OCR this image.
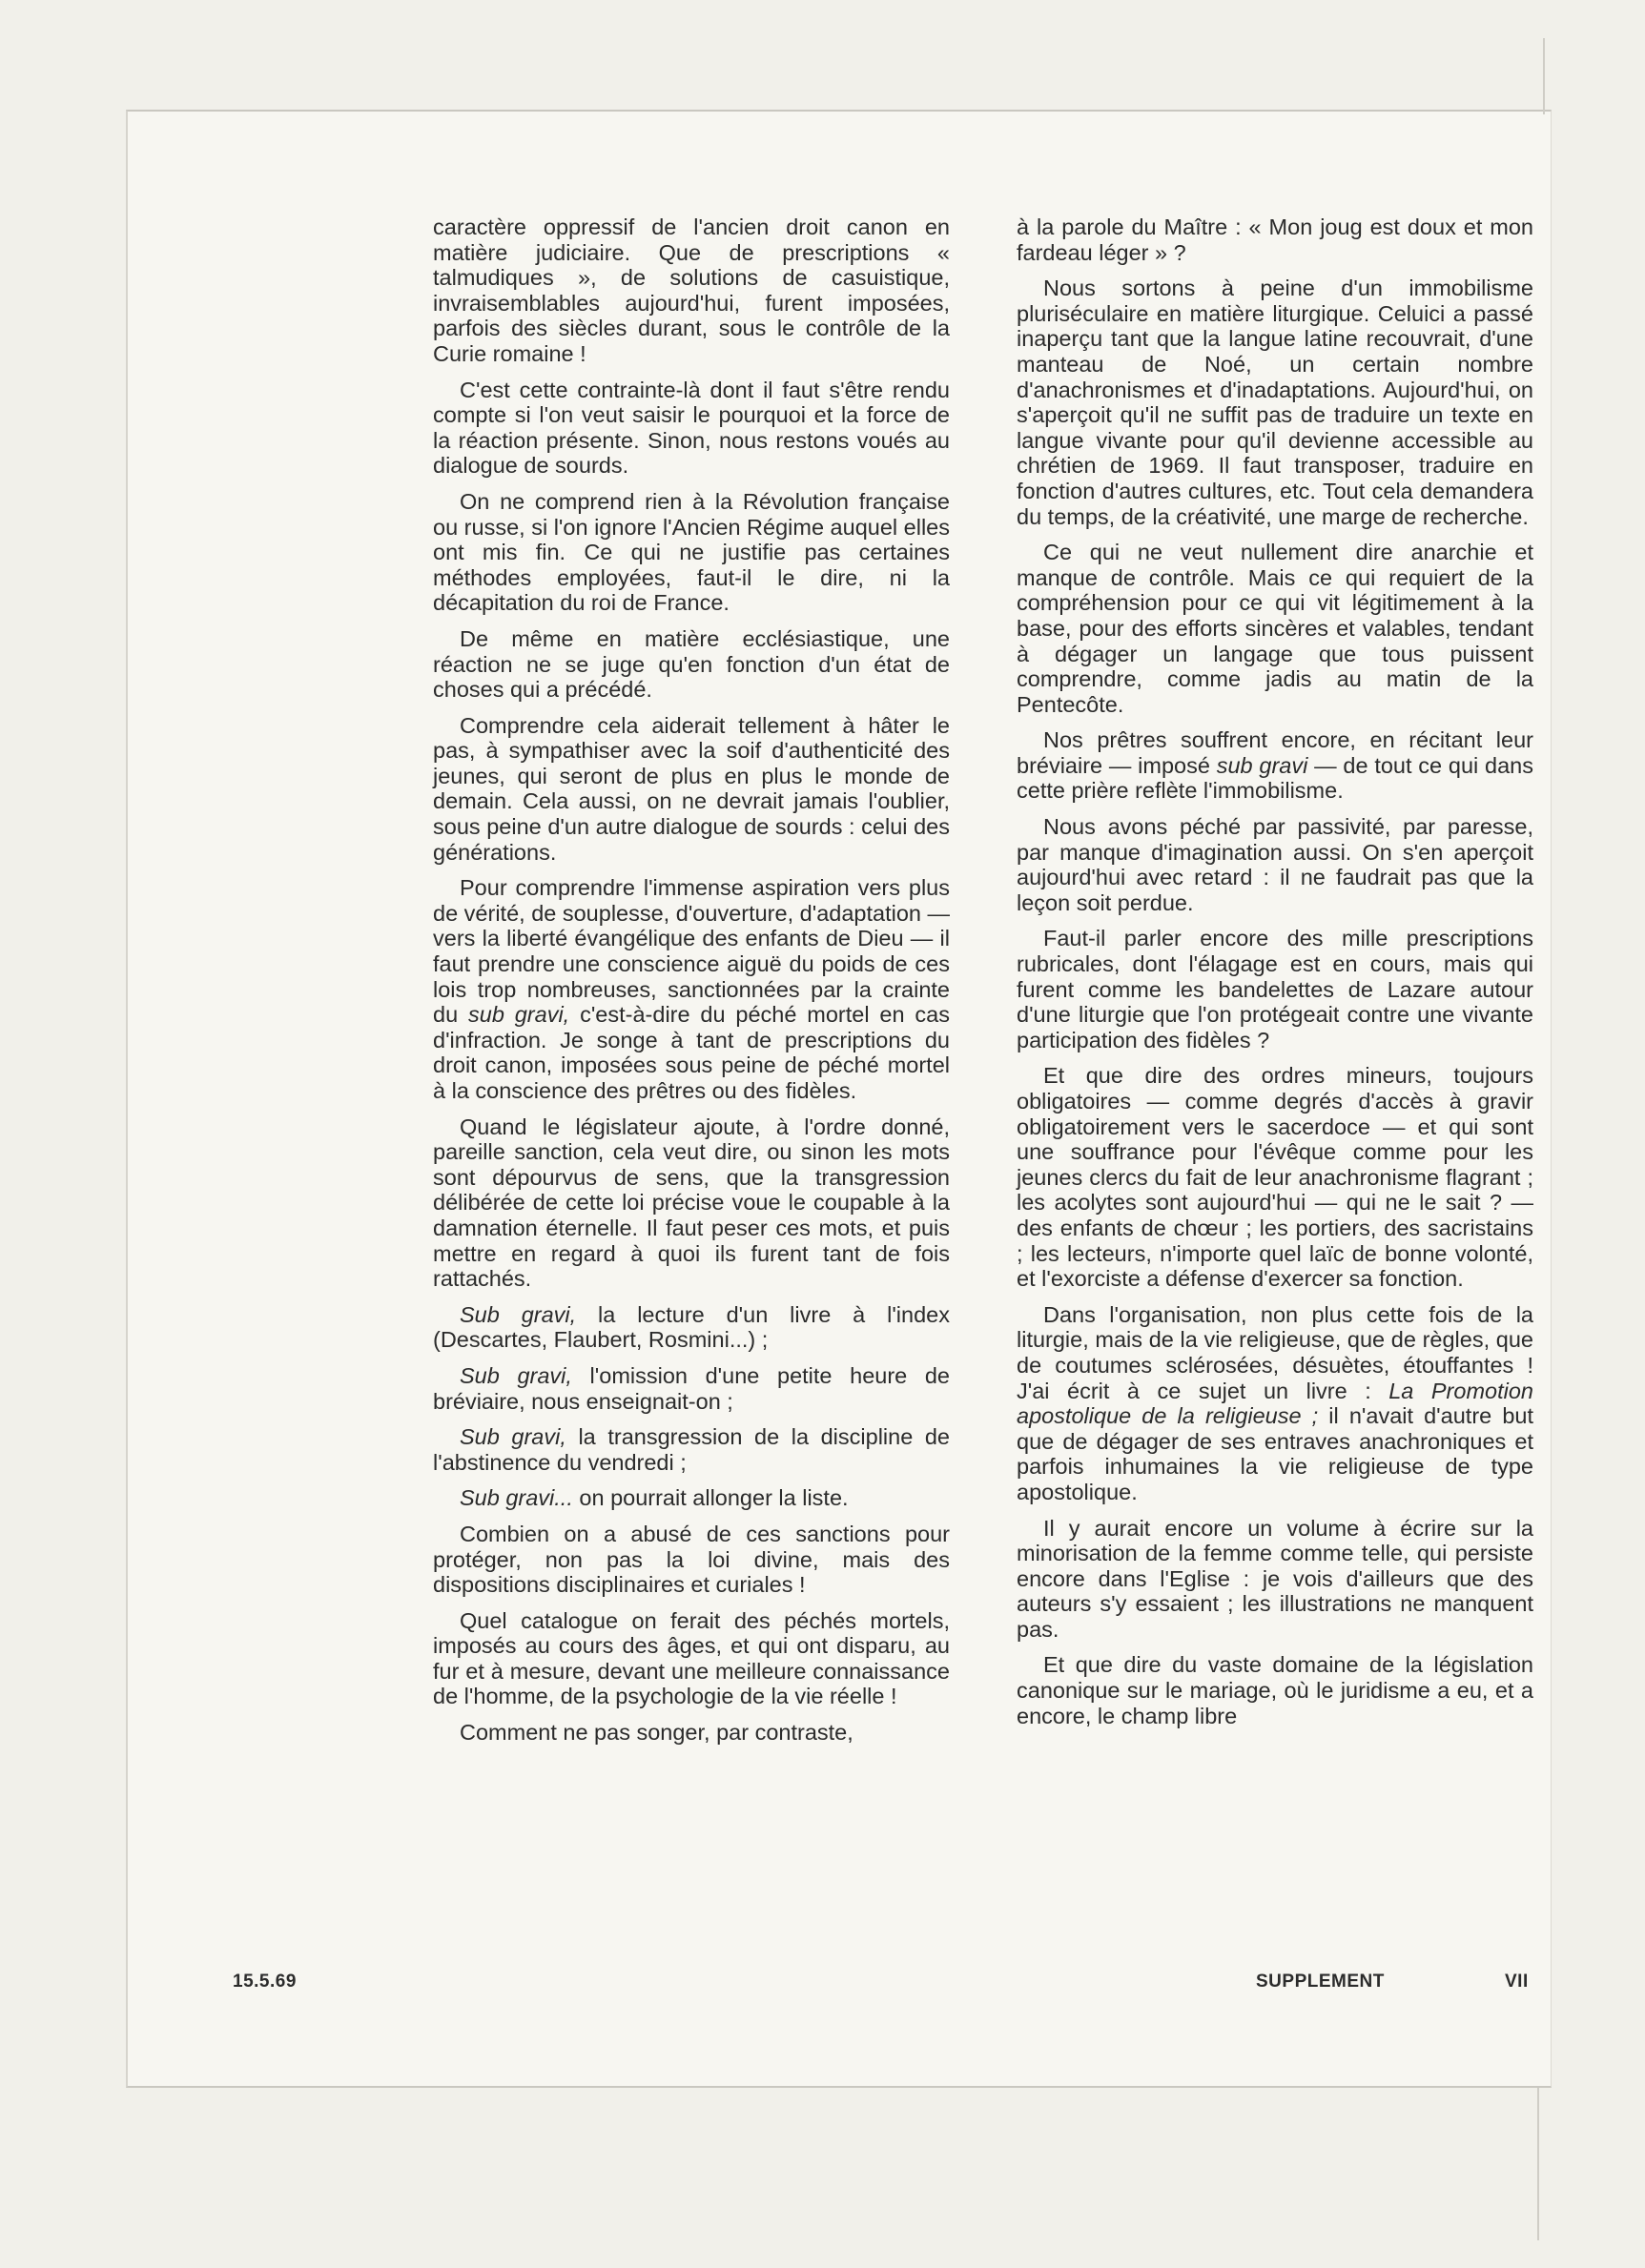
caractère oppressif de l'ancien droit canon en matière judiciaire. Que de prescriptions « talmudiques », de solutions de casuistique, invraisemblables aujourd'hui, furent imposées, parfois des siècles durant, sous le contrôle de la Curie romaine !

C'est cette contrainte-là dont il faut s'être rendu compte si l'on veut saisir le pourquoi et la force de la réaction présente. Sinon, nous restons voués au dialogue de sourds.

On ne comprend rien à la Révolution française ou russe, si l'on ignore l'Ancien Régime auquel elles ont mis fin. Ce qui ne justifie pas certaines méthodes employées, faut-il le dire, ni la décapitation du roi de France.

De même en matière ecclésiastique, une réaction ne se juge qu'en fonction d'un état de choses qui a précédé.

Comprendre cela aiderait tellement à hâter le pas, à sympathiser avec la soif d'authenticité des jeunes, qui seront de plus en plus le monde de demain. Cela aussi, on ne devrait jamais l'oublier, sous peine d'un autre dialogue de sourds : celui des générations.

Pour comprendre l'immense aspiration vers plus de vérité, de souplesse, d'ouverture, d'adaptation — vers la liberté évangélique des enfants de Dieu — il faut prendre une conscience aiguë du poids de ces lois trop nombreuses, sanctionnées par la crainte du sub gravi, c'est-à-dire du péché mortel en cas d'infraction. Je songe à tant de prescriptions du droit canon, imposées sous peine de péché mortel à la conscience des prêtres ou des fidèles.

Quand le législateur ajoute, à l'ordre donné, pareille sanction, cela veut dire, ou sinon les mots sont dépourvus de sens, que la transgression délibérée de cette loi précise voue le coupable à la damnation éternelle. Il faut peser ces mots, et puis mettre en regard à quoi ils furent tant de fois rattachés.

Sub gravi, la lecture d'un livre à l'index (Descartes, Flaubert, Rosmini...) ;

Sub gravi, l'omission d'une petite heure de bréviaire, nous enseignait-on ;

Sub gravi, la transgression de la discipline de l'abstinence du vendredi ;

Sub gravi... on pourrait allonger la liste.

Combien on a abusé de ces sanctions pour protéger, non pas la loi divine, mais des dispositions disciplinaires et curiales !

Quel catalogue on ferait des péchés mortels, imposés au cours des âges, et qui ont disparu, au fur et à mesure, devant une meilleure connaissance de l'homme, de la psychologie de la vie réelle !

Comment ne pas songer, par contraste,

à la parole du Maître : « Mon joug est doux et mon fardeau léger » ?

Nous sortons à peine d'un immobilisme pluriséculaire en matière liturgique. Celuici a passé inaperçu tant que la langue latine recouvrait, d'une manteau de Noé, un certain nombre d'anachronismes et d'inadaptations. Aujourd'hui, on s'aperçoit qu'il ne suffit pas de traduire un texte en langue vivante pour qu'il devienne accessible au chrétien de 1969. Il faut transposer, traduire en fonction d'autres cultures, etc. Tout cela demandera du temps, de la créativité, une marge de recherche.

Ce qui ne veut nullement dire anarchie et manque de contrôle. Mais ce qui requiert de la compréhension pour ce qui vit légitimement à la base, pour des efforts sincères et valables, tendant à dégager un langage que tous puissent comprendre, comme jadis au matin de la Pentecôte.

Nos prêtres souffrent encore, en récitant leur bréviaire — imposé sub gravi — de tout ce qui dans cette prière reflète l'immobilisme.

Nous avons péché par passivité, par paresse, par manque d'imagination aussi. On s'en aperçoit aujourd'hui avec retard : il ne faudrait pas que la leçon soit perdue.

Faut-il parler encore des mille prescriptions rubricales, dont l'élagage est en cours, mais qui furent comme les bandelettes de Lazare autour d'une liturgie que l'on protégeait contre une vivante participation des fidèles ?

Et que dire des ordres mineurs, toujours obligatoires — comme degrés d'accès à gravir obligatoirement vers le sacerdoce — et qui sont une souffrance pour l'évêque comme pour les jeunes clercs du fait de leur anachronisme flagrant ; les acolytes sont aujourd'hui — qui ne le sait ? — des enfants de chœur ; les portiers, des sacristains ; les lecteurs, n'importe quel laïc de bonne volonté, et l'exorciste a défense d'exercer sa fonction.

Dans l'organisation, non plus cette fois de la liturgie, mais de la vie religieuse, que de règles, que de coutumes sclérosées, désuètes, étouffantes ! J'ai écrit à ce sujet un livre : La Promotion apostolique de la religieuse ; il n'avait d'autre but que de dégager de ses entraves anachroniques et parfois inhumaines la vie religieuse de type apostolique.

Il y aurait encore un volume à écrire sur la minorisation de la femme comme telle, qui persiste encore dans l'Eglise : je vois d'ailleurs que des auteurs s'y essaient ; les illustrations ne manquent pas.

Et que dire du vaste domaine de la législation canonique sur le mariage, où le juridisme a eu, et a encore, le champ libre

15.5.69	SUPPLEMENT	VII
